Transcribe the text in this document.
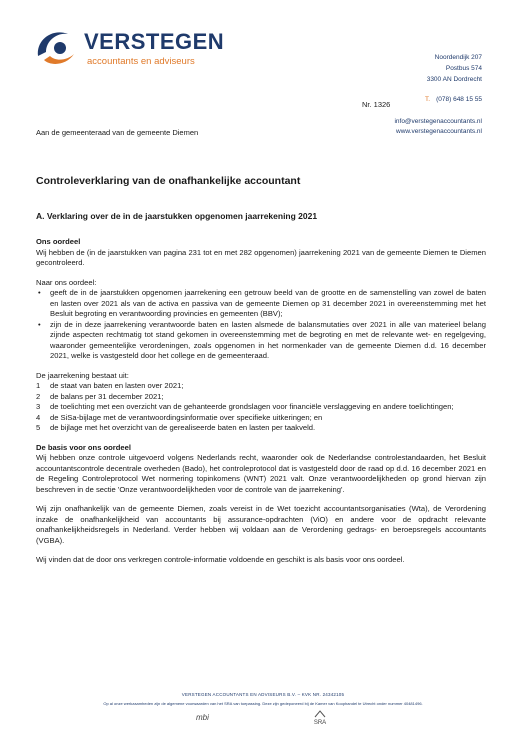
VERSTEGEN
accountants en adviseurs	Noordendijk 207
Postbus 574
3300 AN Dordrecht
T. (078) 648 15 55
Nr. 1326
info@verstegenaccountants.nl
www.verstegenaccountants.nl
Aan de gemeenteraad van de gemeente Diemen
Controleverklaring van de onafhankelijke accountant
A. Verklaring over de in de jaarstukken opgenomen jaarrekening 2021
Ons oordeel

Wij hebben de (in de jaarstukken van pagina 231 tot en met 282 opgenomen) jaarrekening 2021 van de gemeente Diemen te Diemen gecontroleerd.

Naar ons oordeel:

• geeft de in de jaarstukken opgenomen jaarrekening een getrouw beeld van de grootte en de samenstelling van zowel de baten en lasten over 2021 als van de activa en passiva van de gemeente Diemen op 31 december 2021 in overeenstemming met het Besluit begroting en verantwoording provincies en gemeenten (BBV);
• zijn de in deze jaarrekening verantwoorde baten en lasten alsmede de balansmutaties over 2021 in alle van materieel belang zijnde aspecten rechtmatig tot stand gekomen in overeenstemming met de begroting en met de relevante wet- en regelgeving, waaronder gemeentelijke verordeningen, zoals opgenomen in het normenkader van de gemeente Diemen d.d. 16 december 2021, welke is vastgesteld door het college en de gemeenteraad.

De jaarrekening bestaat uit:

1 de staat van baten en lasten over 2021;
2 de balans per 31 december 2021;
3 de toelichting met een overzicht van de gehanteerde grondslagen voor financiële verslaggeving en andere toelichtingen;
4 de SiSa-bijlage met de verantwoordingsinformatie over specifieke uitkeringen; en
5 de bijlage met het overzicht van de gerealiseerde baten en lasten per taakveld.
De basis voor ons oordeel

Wij hebben onze controle uitgevoerd volgens Nederlands recht, waaronder ook de Nederlandse controlestandaarden, het Besluit accountantscontrole decentrale overheden (Bado), het controleprotocol dat is vastgesteld door de raad op d.d. 16 december 2021 en de Regeling Controleprotocol Wet normering topinkomens (WNT) 2021 valt. Onze verantwoordelijkheden op grond hiervan zijn beschreven in de sectie 'Onze verantwoordelijkheden voor de controle van de jaarrekening'.

Wij zijn onafhankelijk van de gemeente Diemen, zoals vereist in de Wet toezicht accountantsorganisaties (Wta), de Verordening inzake de onafhankelijkheid van accountants bij assurance-opdrachten (ViO) en andere voor de opdracht relevante onafhankelijkheidsregels in Nederland. Verder hebben wij voldaan aan de Verordening gedrags- en beroepsregels accountants (VGBA).

Wij vinden dat de door ons verkregen controle-informatie voldoende en geschikt is als basis voor ons oordeel.

VERSTEGEN ACCOUNTANTS EN ADVISEURS B.V. – KVK NR. 24342105
Op al onze werkzaamheden zijn de algemene voorwaarden van het SRA van toepassing. Deze zijn gedeponeerd bij de Kamer van Koophandel te Utrecht onder nummer 40481496.
mbi
SRA
